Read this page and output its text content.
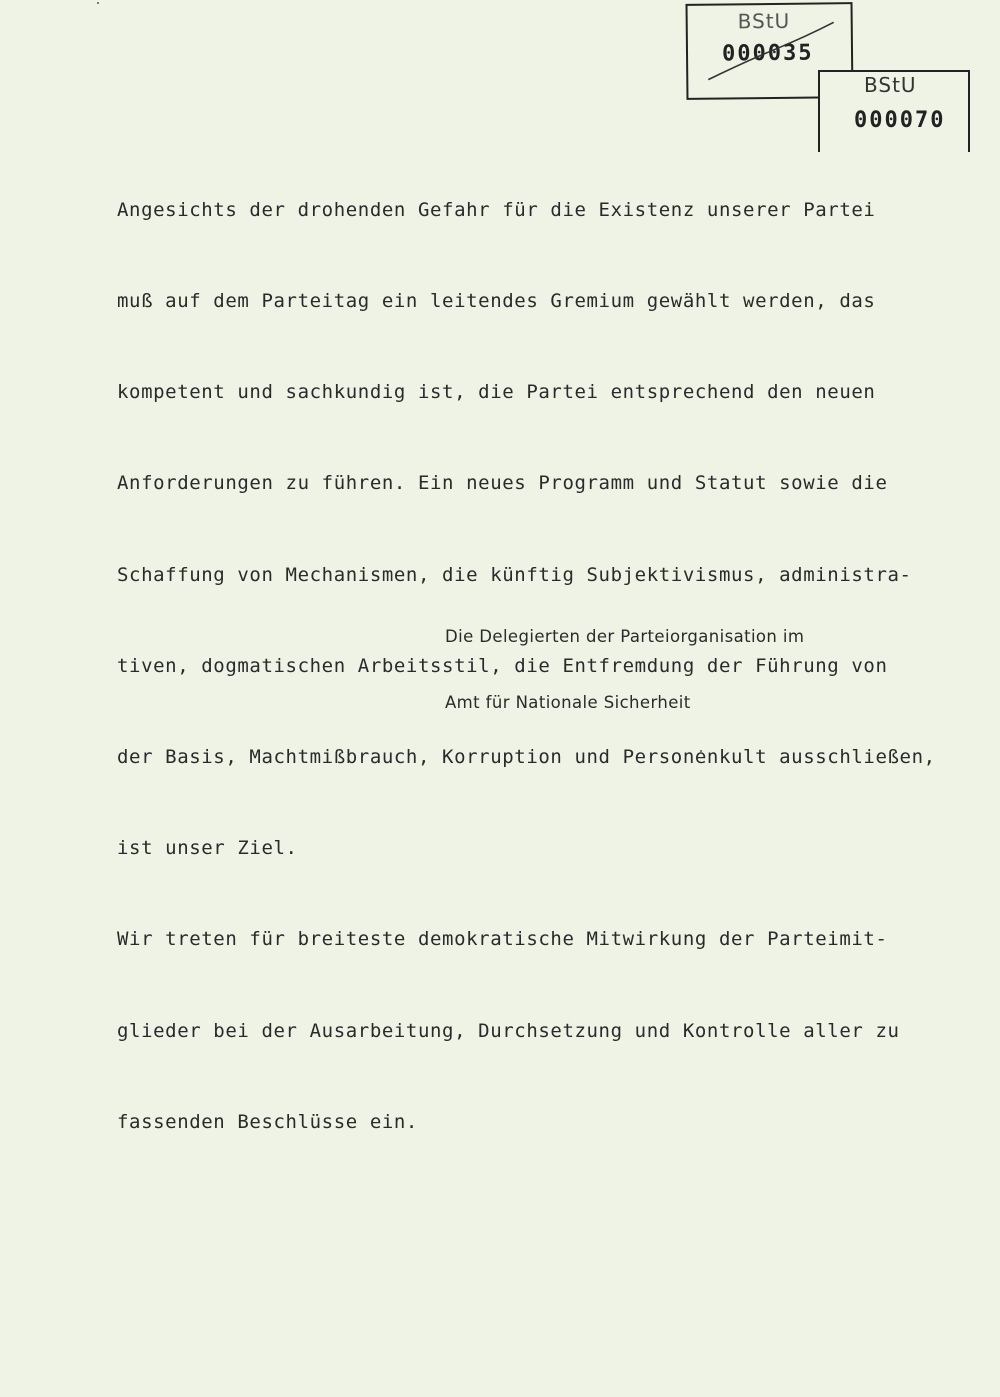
BStU
000035
BStU
000070

Angesichts der drohenden Gefahr für die Existenz unserer Partei

muß auf dem Parteitag ein leitendes Gremium gewählt werden, das

kompetent und sachkundig ist, die Partei entsprechend den neuen

Anforderungen zu führen. Ein neues Programm und Statut sowie die

Schaffung von Mechanismen, die künftig Subjektivismus, administra-

tiven, dogmatischen Arbeitsstil, die Entfremdung der Führung von

der Basis, Machtmißbrauch, Korruption und Personenkult ausschließen,

ist unser Ziel.

Wir treten für breiteste demokratische Mitwirkung der Parteimit-

glieder bei der Ausarbeitung, Durchsetzung und Kontrolle aller zu

fassenden Beschlüsse ein.

Die Delegierten der Parteiorganisation im

Amt für Nationale Sicherheit
